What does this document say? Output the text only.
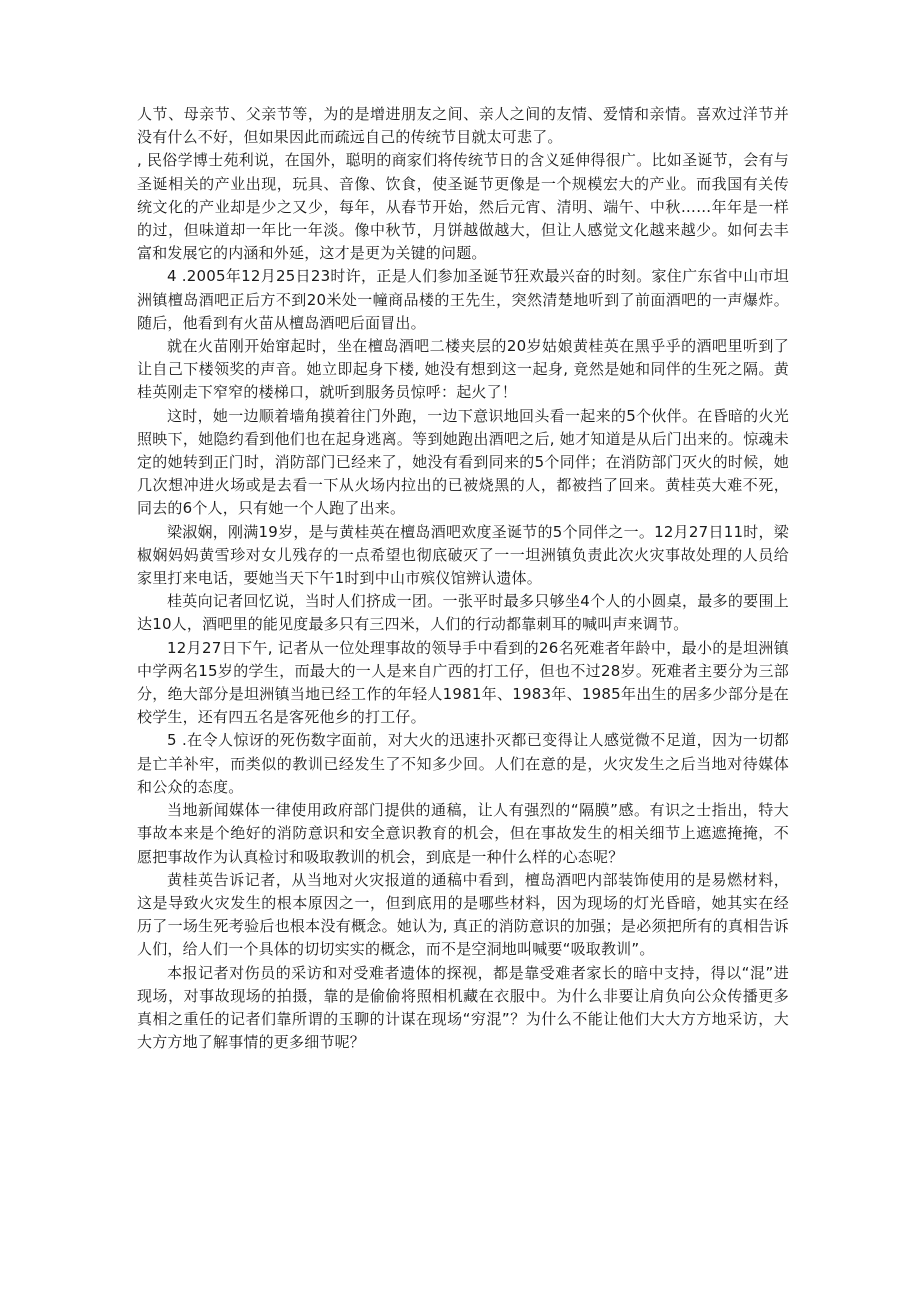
人节、母亲节、父亲节等，为的是增进朋友之间、亲人之间的友情、爱情和亲情。喜欢过洋节并没有什么不好，但如果因此而疏远自己的传统节目就太可悲了。

, 民俗学博士苑利说，在国外，聪明的商家们将传统节日的含义延伸得很广。比如圣诞节，会有与圣诞相关的产业出现，玩具、音像、饮食，使圣诞节更像是一个规模宏大的产业。而我国有关传统文化的产业却是少之又少，每年，从春节开始，然后元宵、清明、端午、中秋……年年是一样的过，但味道却一年比一年淡。像中秋节，月饼越做越大，但让人感觉文化越来越少。如何去丰富和发展它的内涵和外延，这才是更为关键的问题。

4 .2005年12月25日23时许，正是人们参加圣诞节狂欢最兴奋的时刻。家住广东省中山市坦洲镇檀岛酒吧正后方不到20米处一幢商品楼的王先生，突然清楚地听到了前面酒吧的一声爆炸。随后，他看到有火苗从檀岛酒吧后面冒出。

就在火苗刚开始窜起时，坐在檀岛酒吧二楼夹层的20岁姑娘黄桂英在黑乎乎的酒吧里听到了让自己下楼领奖的声音。她立即起身下楼, 她没有想到这一起身, 竟然是她和同伴的生死之隔。黄桂英刚走下窄窄的楼梯口，就听到服务员惊呼：起火了！

这时，她一边顺着墙角摸着往门外跑，一边下意识地回头看一起来的5个伙伴。在昏暗的火光照映下，她隐约看到他们也在起身逃离。等到她跑出酒吧之后, 她才知道是从后门出来的。惊魂未定的她转到正门时，消防部门已经来了，她没有看到同来的5个同伴；在消防部门灭火的时候，她几次想冲进火场或是去看一下从火场内拉出的已被烧黑的人，都被挡了回来。黄桂英大难不死，同去的6个人，只有她一个人跑了出来。

梁淑娴，刚满19岁，是与黄桂英在檀岛酒吧欢度圣诞节的5个同伴之一。12月27日11时，梁椒娴妈妈黄雪珍对女儿残存的一点希望也彻底破灭了一一坦洲镇负责此次火灾事故处理的人员给家里打来电话，要她当天下午1时到中山市殡仪馆辨认遗体。

桂英向记者回忆说，当时人们挤成一团。一张平时最多只够坐4个人的小圆桌，最多的要围上达10人，酒吧里的能见度最多只有三四米，人们的行动都靠刺耳的喊叫声来调节。

12月27日下午, 记者从一位处理事故的领导手中看到的26名死难者年龄中，最小的是坦洲镇中学两名15岁的学生，而最大的一人是来自广西的打工仔，但也不过28岁。死难者主要分为三部分，绝大部分是坦洲镇当地已经工作的年轻人1981年、1983年、1985年出生的居多少部分是在校学生，还有四五名是客死他乡的打工仔。

5 .在令人惊讶的死伤数字面前，对大火的迅速扑灭都已变得让人感觉微不足道，因为一切都是亡羊补牢，而类似的教训已经发生了不知多少回。人们在意的是，火灾发生之后当地对待媒体和公众的态度。

当地新闻媒体一律使用政府部门提供的通稿，让人有强烈的“隔膜”感。有识之士指出，特大事故本来是个绝好的消防意识和安全意识教育的机会，但在事故发生的相关细节上遮遮掩掩，不愿把事故作为认真检讨和吸取教训的机会，到底是一种什么样的心态呢？

黄桂英告诉记者，从当地对火灾报道的通稿中看到，檀岛酒吧内部装饰使用的是易燃材料，这是导致火灾发生的根本原因之一，但到底用的是哪些材料，因为现场的灯光昏暗，她其实在经历了一场生死考验后也根本没有概念。她认为, 真正的消防意识的加强；是必须把所有的真相告诉人们，给人们一个具体的切切实实的概念，而不是空洞地叫喊要“吸取教训”。

本报记者对伤员的采访和对受难者遗体的探视，都是靠受难者家长的暗中支持，得以“混”进现场，对事故现场的拍摄，靠的是偷偷将照相机藏在衣服中。为什么非要让肩负向公众传播更多真相之重任的记者们靠所谓的玉聊的计谋在现场“穷混”？为什么不能让他们大大方方地采访，大大方方地了解事情的更多细节呢？
